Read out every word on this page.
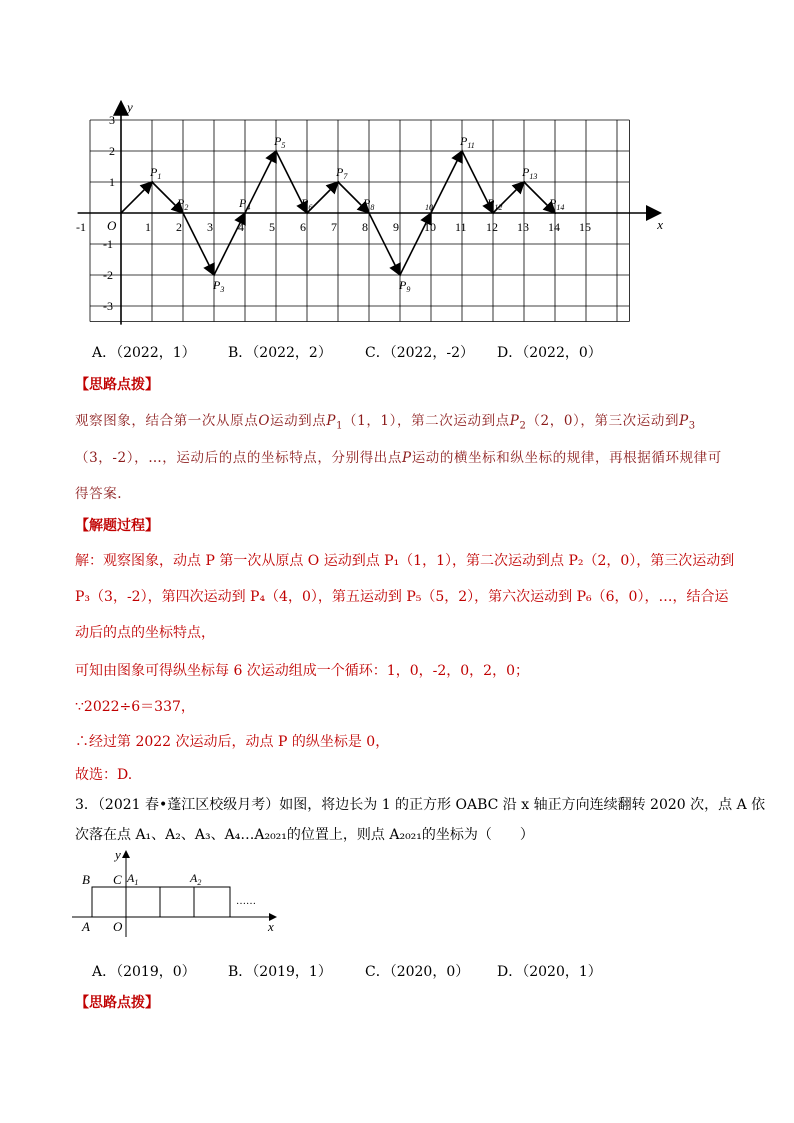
-1	1 2 3 4 5 6 7 8 9 10 11 12 13 14 15
3
2
1
-1
-2
-3
$P_1$
$P_2$
$P_3$
$P_4$
$P_5$
$P_6$
$P_7$
$P_8$
$P_9$
$_{10}$
$P_{11}$
$P_{12}$
$P_{13}$
$P_{14}$
y
x
O
A．（2022，1） B．（2022，2） C．（2022，-2） D．（2022，0）
【思路点拨】
观察图象，结合第一次从原点O运动到点$P_1(1$，1），第二次运动到点$P_2(2$，0），第三次运动到$P_3$
（3，-2），…，运动后的点的坐标特点，分别得出点P运动的横坐标和纵坐标的规律，再根据循环规律可
得答案.
【解题过程】
解：观察图象，动点 P 第一次从原点 O 运动到点 P₁（1，1），第二次运动到点 P₂（2，0），第三次运动到
P₃（3，-2），第四次运动到 P₄（4，0），第五运动到 P₅（5，2），第六次运动到 P₆（6，0），…，结合运
动后的点的坐标特点，
可知由图象可得纵坐标每 6 次运动组成一个循环：1，0，-2，0，2，0；
∵2022÷6＝337，
∴经过第 2022 次运动后，动点 P 的纵坐标是 0，
故选：D.
3．（2021 春•蓬江区校级月考）如图，将边长为 1 的正方形 OABC 沿 x 轴正方向连续翻转 2020 次，点 A 依
次落在点 A₁、A₂、A₃、A₄…A₂₀₂₁的位置上，则点 A₂₀₂₁的坐标为（　　）
……
y
x
B C
A O
$A_1$	$A_2$
A．（2019，0） B．（2019，1） C．（2020，0） D．（2020，1）
【思路点拨】
